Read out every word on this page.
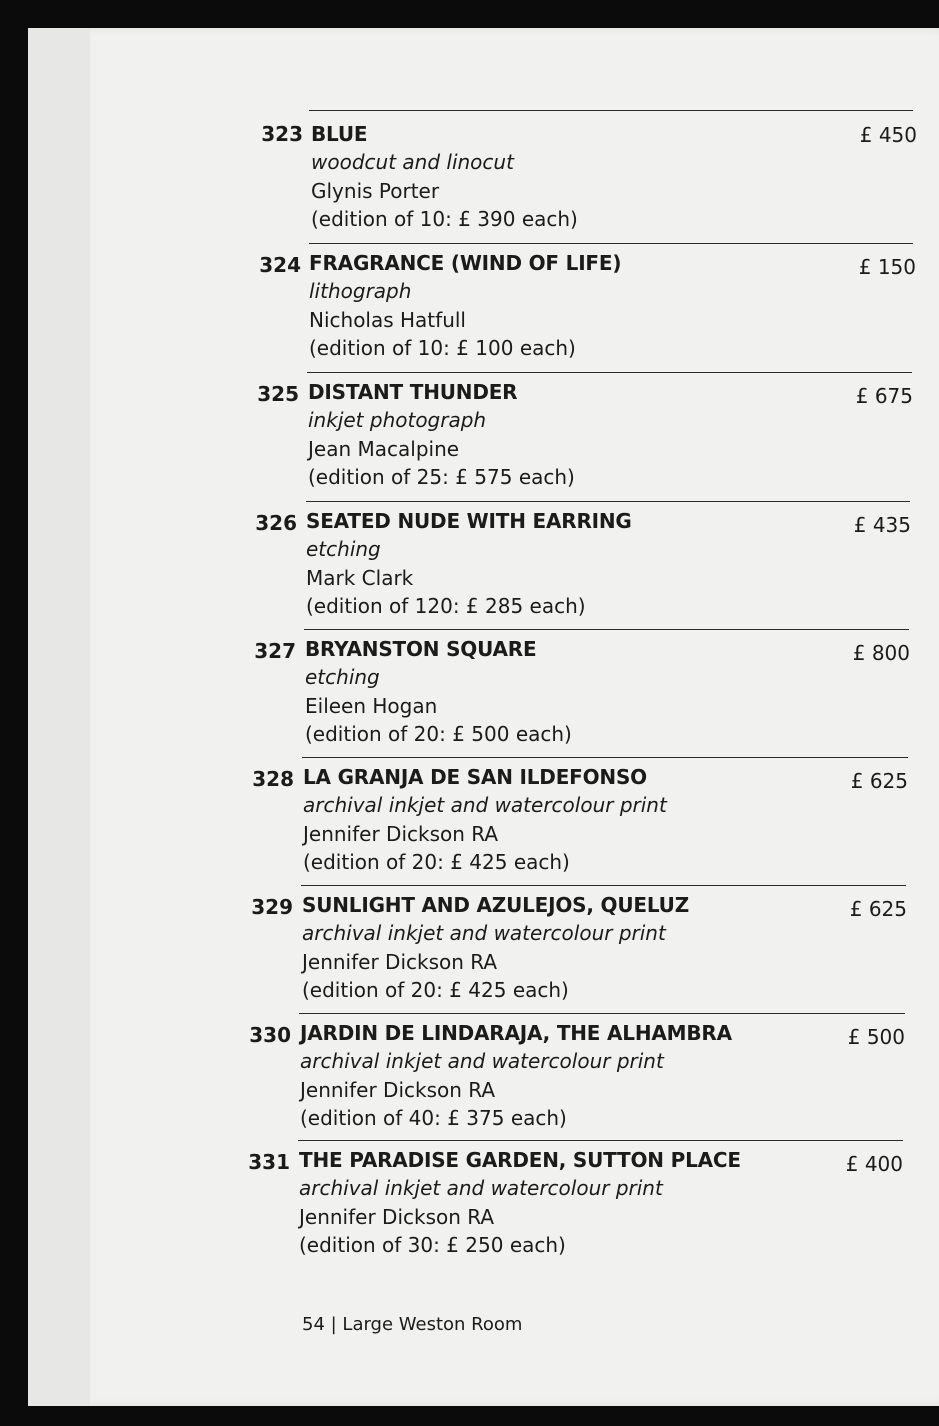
323 BLUE
woodcut and linocut
Glynis Porter
(edition of 10: £ 390 each)
£ 450
324 FRAGRANCE (WIND OF LIFE)
lithograph
Nicholas Hatfull
(edition of 10: £ 100 each)
£ 150
325 DISTANT THUNDER
inkjet photograph
Jean Macalpine
(edition of 25: £ 575 each)
£ 675
326 SEATED NUDE WITH EARRING
etching
Mark Clark
(edition of 120: £ 285 each)
£ 435
327 BRYANSTON SQUARE
etching
Eileen Hogan
(edition of 20: £ 500 each)
£ 800
328 LA GRANJA DE SAN ILDEFONSO
archival inkjet and watercolour print
Jennifer Dickson RA
(edition of 20: £ 425 each)
£ 625
329 SUNLIGHT AND AZULEJOS, QUELUZ
archival inkjet and watercolour print
Jennifer Dickson RA
(edition of 20: £ 425 each)
£ 625
330 JARDIN DE LINDARAJA, THE ALHAMBRA
archival inkjet and watercolour print
Jennifer Dickson RA
(edition of 40: £ 375 each)
£ 500
331 THE PARADISE GARDEN, SUTTON PLACE
archival inkjet and watercolour print
Jennifer Dickson RA
(edition of 30: £ 250 each)
£ 400
54 | Large Weston Room
